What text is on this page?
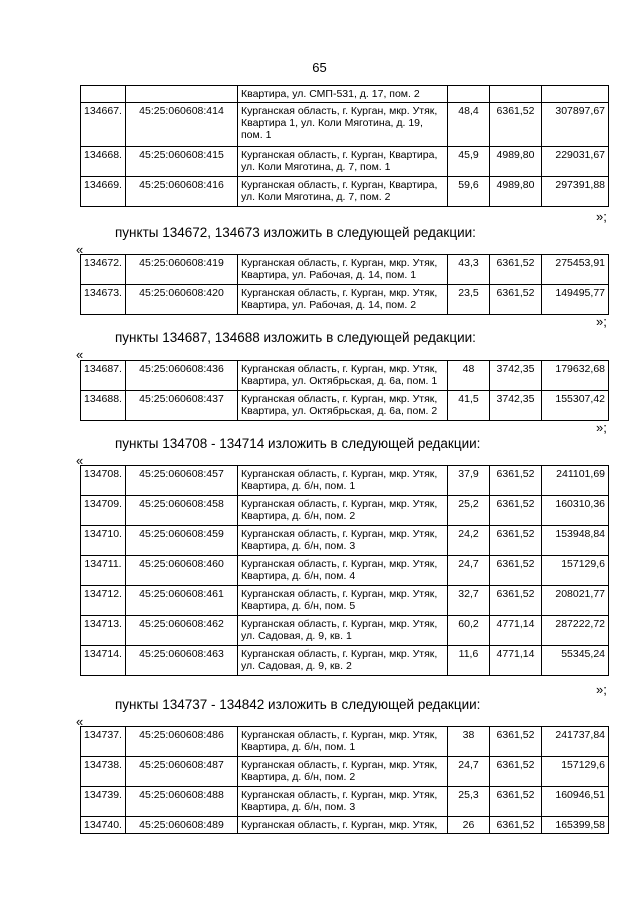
65
		Квартира, ул. СМП-531, д. 17, пом. 2			
134667.	45:25:060608:414	Курганская область, г. Курган, мкр. Утяк, Квартира 1, ул. Коли Мяготина, д. 19, пом. 1	48,4	6361,52	307897,67
134668.	45:25:060608:415	Курганская область, г. Курган, Квартира, ул. Коли Мяготина, д. 7, пом. 1	45,9	4989,80	229031,67
134669.	45:25:060608:416	Курганская область, г. Курган, Квартира, ул. Коли Мяготина, д. 7, пом. 2	59,6	4989,80	297391,88
»;
пункты 134672, 134673 изложить в следующей редакции:
«
134672.	45:25:060608:419	Курганская область, г. Курган, мкр. Утяк, Квартира, ул. Рабочая, д. 14, пом. 1	43,3	6361,52	275453,91
134673.	45:25:060608:420	Курганская область, г. Курган, мкр. Утяк, Квартира, ул. Рабочая, д. 14, пом. 2	23,5	6361,52	149495,77
»;
пункты 134687, 134688 изложить в следующей редакции:
«
134687.	45:25:060608:436	Курганская область, г. Курган, мкр. Утяк, Квартира, ул. Октябрьская, д. 6а, пом. 1	48	3742,35	179632,68
134688.	45:25:060608:437	Курганская область, г. Курган, мкр. Утяк, Квартира, ул. Октябрьская, д. 6а, пом. 2	41,5	3742,35	155307,42
»;
пункты 134708 - 134714 изложить в следующей редакции:
«
134708.	45:25:060608:457	Курганская область, г. Курган, мкр. Утяк, Квартира, д. б/н, пом. 1	37,9	6361,52	241101,69
134709.	45:25:060608:458	Курганская область, г. Курган, мкр. Утяк, Квартира, д. б/н, пом. 2	25,2	6361,52	160310,36
134710.	45:25:060608:459	Курганская область, г. Курган, мкр. Утяк, Квартира, д. б/н, пом. 3	24,2	6361,52	153948,84
134711.	45:25:060608:460	Курганская область, г. Курган, мкр. Утяк, Квартира, д. б/н, пом. 4	24,7	6361,52	157129,6
134712.	45:25:060608:461	Курганская область, г. Курган, мкр. Утяк, Квартира, д. б/н, пом. 5	32,7	6361,52	208021,77
134713.	45:25:060608:462	Курганская область, г. Курган, мкр. Утяк, ул. Садовая, д. 9, кв. 1	60,2	4771,14	287222,72
134714.	45:25:060608:463	Курганская область, г. Курган, мкр. Утяк, ул. Садовая, д. 9, кв. 2	11,6	4771,14	55345,24
»;
пункты 134737 - 134842 изложить в следующей редакции:
«
134737.	45:25:060608:486	Курганская область, г. Курган, мкр. Утяк, Квартира, д. б/н, пом. 1	38	6361,52	241737,84
134738.	45:25:060608:487	Курганская область, г. Курган, мкр. Утяк, Квартира, д. б/н, пом. 2	24,7	6361,52	157129,6
134739.	45:25:060608:488	Курганская область, г. Курган, мкр. Утяк, Квартира, д. б/н, пом. 3	25,3	6361,52	160946,51
134740.	45:25:060608:489	Курганская область, г. Курган, мкр. Утяк,	26	6361,52	165399,58
